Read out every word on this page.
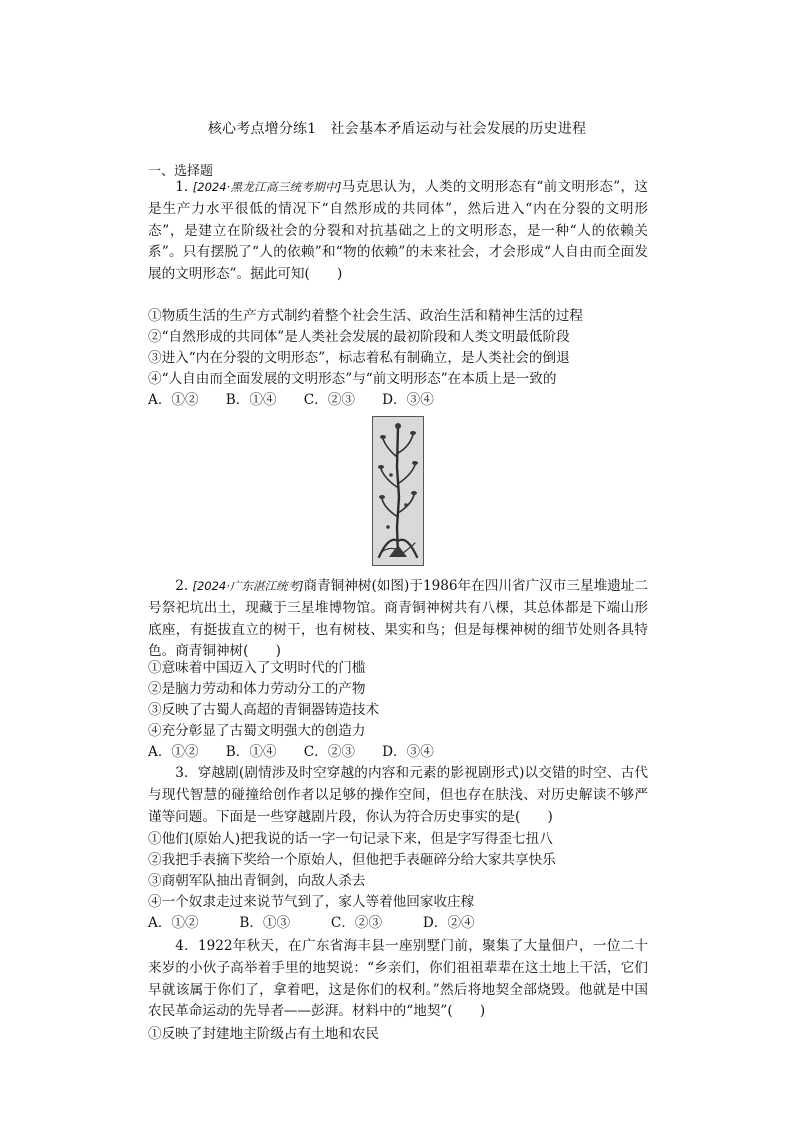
核心考点增分练1　社会基本矛盾运动与社会发展的历史进程
一、选择题
1. [2024·黑龙江高三统考期中]马克思认为，人类的文明形态有“前文明形态”，这是生产力水平很低的情况下“自然形成的共同体”，然后进入“内在分裂的文明形态”，是建立在阶级社会的分裂和对抗基础之上的文明形态，是一种“人的依赖关系”。只有摆脱了“人的依赖”和“物的依赖”的未来社会，才会形成“人自由而全面发展的文明形态”。据此可知(　　)
①物质生活的生产方式制约着整个社会生活、政治生活和精神生活的过程
②“自然形成的共同体”是人类社会发展的最初阶段和人类文明最低阶段
③进入“内在分裂的文明形态”，标志着私有制确立，是人类社会的倒退
④“人自由而全面发展的文明形态”与“前文明形态”在本质上是一致的
A．①②　　B．①④　　C．②③　　D．③④
2. [2024·广东湛江统考]商青铜神树(如图)于1986年在四川省广汉市三星堆遗址二号祭祀坑出土，现藏于三星堆博物馆。商青铜神树共有八棵，其总体都是下端山形底座，有挺拔直立的树干，也有树枝、果实和鸟；但是每棵神树的细节处则各具特色。商青铜神树(　　)
①意味着中国迈入了文明时代的门槛
②是脑力劳动和体力劳动分工的产物
③反映了古蜀人高超的青铜器铸造技术
④充分彰显了古蜀文明强大的创造力
A．①②　　B．①④　　C．②③　　D．③④
3．穿越剧(剧情涉及时空穿越的内容和元素的影视剧形式)以交错的时空、古代与现代智慧的碰撞给创作者以足够的操作空间，但也存在肤浅、对历史解读不够严谨等问题。下面是一些穿越剧片段，你认为符合历史事实的是(　　)
①他们(原始人)把我说的话一字一句记录下来，但是字写得歪七扭八
②我把手表摘下奖给一个原始人，但他把手表砸碎分给大家共享快乐
③商朝军队抽出青铜剑，向敌人杀去
④一个奴隶走过来说节气到了，家人等着他回家收庄稼
A．①②　　　B．①③　　　C．②③　　　D．②④
4．1922年秋天，在广东省海丰县一座别墅门前，聚集了大量佃户，一位二十来岁的小伙子高举着手里的地契说：“乡亲们，你们祖祖辈辈在这土地上干活，它们早就该属于你们了，拿着吧，这是你们的权利。”然后将地契全部烧毁。他就是中国农民革命运动的先导者——彭湃。材料中的“地契”(　　)
①反映了封建地主阶级占有土地和农民
